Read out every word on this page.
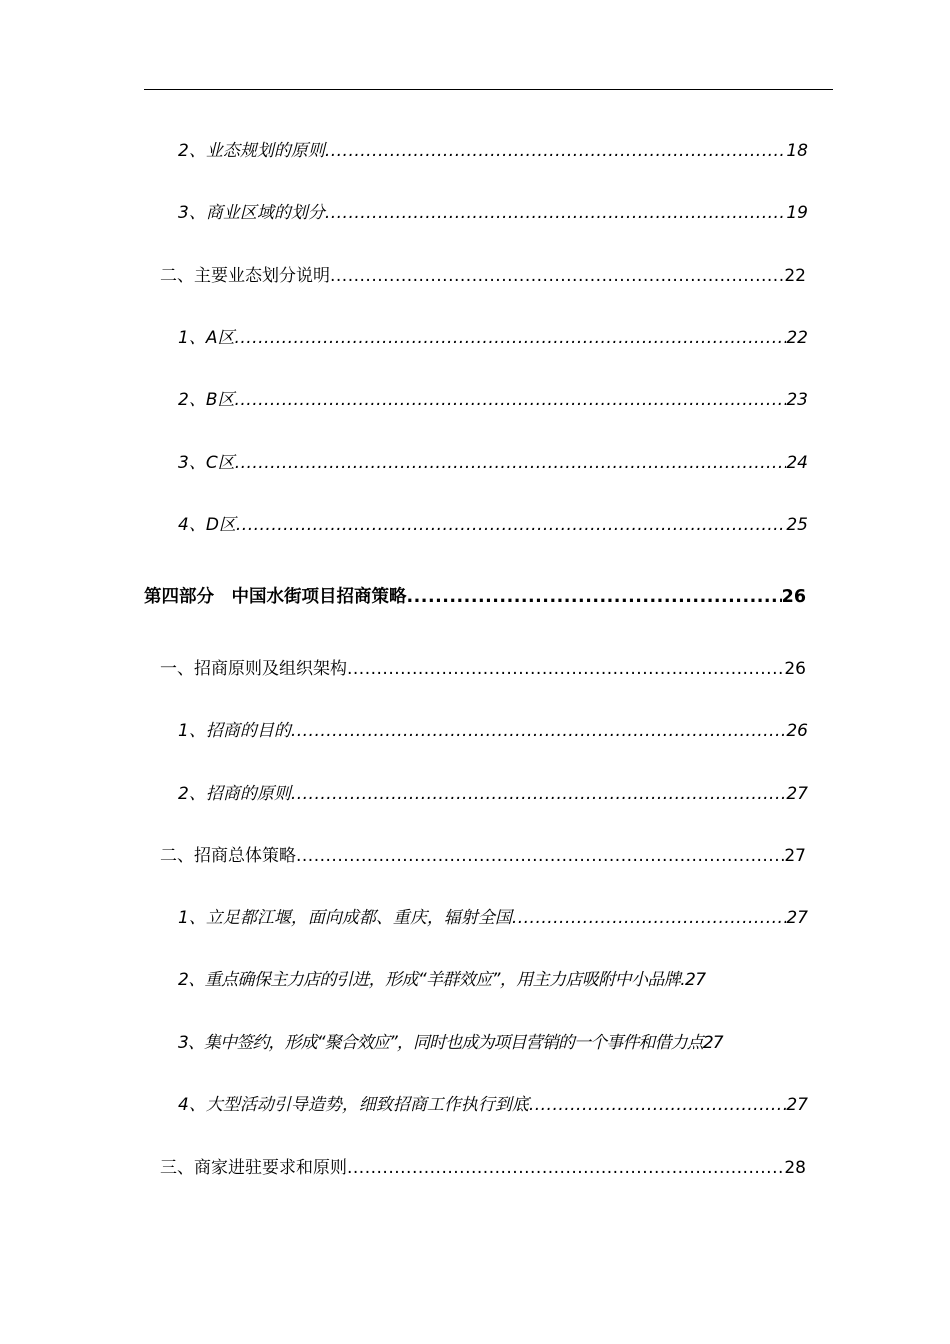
2、业态规划的原则 .....	18
3、商业区域的划分 .....	19
二、主要业态划分说明 .....	22
1、A区 .....	22
2、B区 .....	23
3、C区 .....	24
4、D区 .....	25
第四部分　中国水街项目招商策略 .....	26
一、招商原则及组织架构 .....	26
1、招商的目的 .....	26
2、招商的原则 .....	27
二、招商总体策略 .....	27
1、立足都江堰，面向成都、重庆，辐射全国 .....	27
2、重点确保主力店的引进，形成“羊群效应”，用主力店吸附中小品牌. 27
3、集中签约，形成“聚合效应”，同时也成为项目营销的一个事件和借力点 27
4、大型活动引导造势，细致招商工作执行到底 .....	27
三、商家进驻要求和原则 .....	28
